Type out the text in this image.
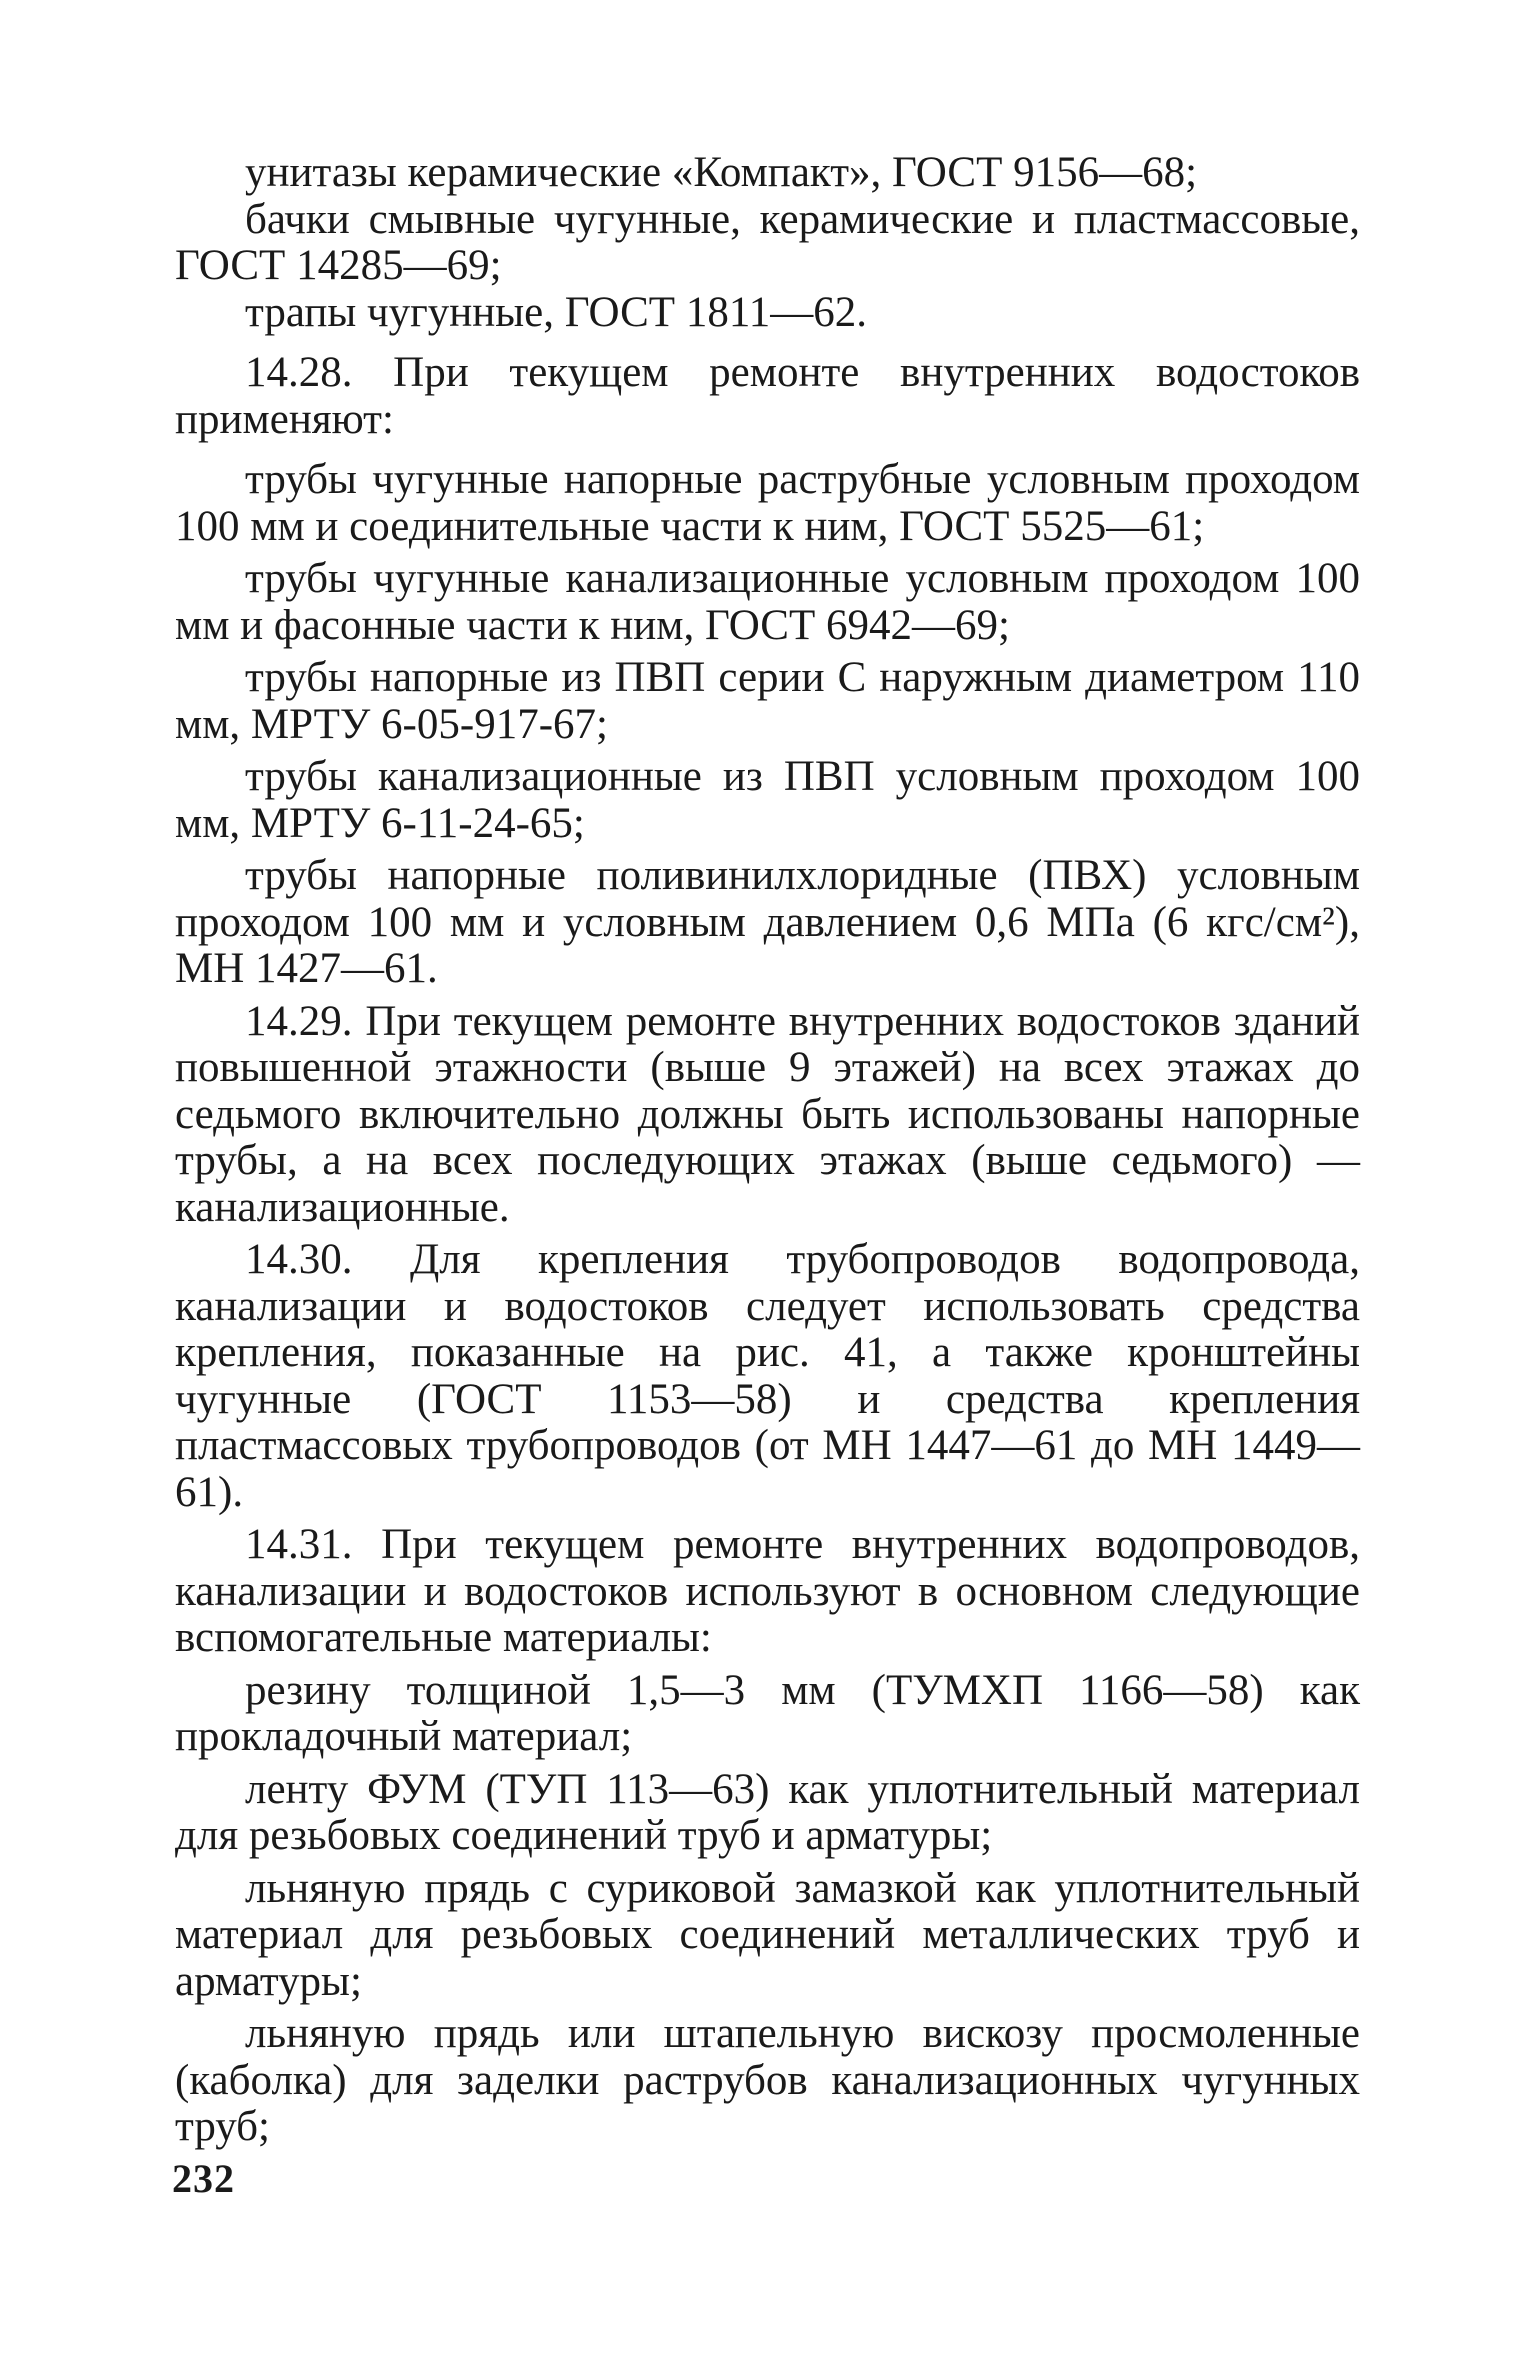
унитазы керамические «Компакт», ГОСТ 9156—68;

бачки смывные чугунные, керамические и пластмассовые, ГОСТ 14285—69;

трапы чугунные, ГОСТ 1811—62.

14.28. При текущем ремонте внутренних водостоков применяют:

трубы чугунные напорные раструбные условным проходом 100 мм и соединительные части к ним, ГОСТ 5525—61;

трубы чугунные канализационные условным проходом 100 мм и фасонные части к ним, ГОСТ 6942—69;

трубы напорные из ПВП серии С наружным диаметром 110 мм, МРТУ 6-05-917-67;

трубы канализационные из ПВП условным проходом 100 мм, МРТУ 6-11-24-65;

трубы напорные поливинилхлоридные (ПВХ) условным проходом 100 мм и условным давлением 0,6 МПа (6 кгс/см²), МН 1427—61.

14.29. При текущем ремонте внутренних водостоков зданий повышенной этажности (выше 9 этажей) на всех этажах до седьмого включительно должны быть использованы напорные трубы, а на всех последующих этажах (выше седьмого) — канализационные.

14.30. Для крепления трубопроводов водопровода, канализации и водостоков следует использовать средства крепления, показанные на рис. 41, а также кронштейны чугунные (ГОСТ 1153—58) и средства крепления пластмассовых трубопроводов (от МН 1447—61 до МН 1449—61).

14.31. При текущем ремонте внутренних водопроводов, канализации и водостоков используют в основном следующие вспомогательные материалы:

резину толщиной 1,5—3 мм (ТУМХП 1166—58) как прокладочный материал;

ленту ФУМ (ТУП 113—63) как уплотнительный материал для резьбовых соединений труб и арматуры;

льняную прядь с суриковой замазкой как уплотнительный материал для резьбовых соединений металлических труб и арматуры;

льняную прядь или штапельную вискозу просмоленные (каболка) для заделки раструбов канализационных чугунных труб;

232
